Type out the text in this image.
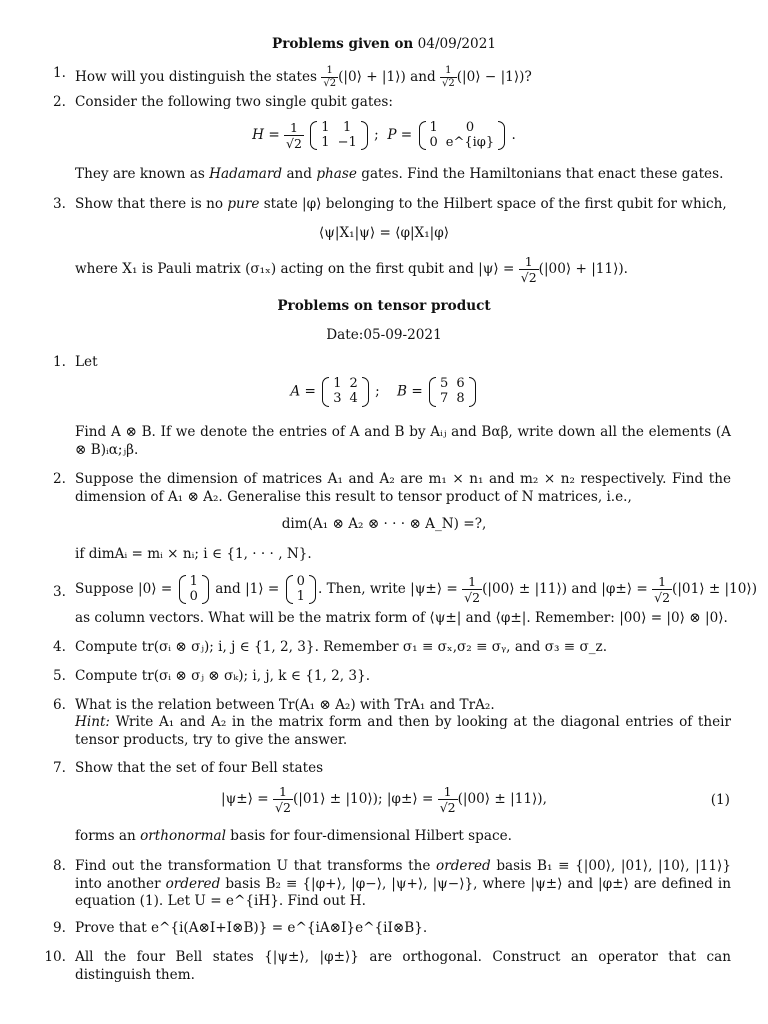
Problems given on 04/09/2021
1. How will you distinguish the states $\frac{1}{√2}$ (|0⟩ + |1⟩) and $\frac{1}{√2}$ (|0⟩ − |1⟩)?
2. Consider the following two single qubit gates:
$H = \frac{1}{√2}$
1	1
1	−1 ; P = 1	0
0	e^{iφ} .
They are known as Hadamard and phase gates. Find the Hamiltonians that enact these gates.
3. Show that there is no pure state |φ⟩ belonging to the Hilbert space of the first qubit for which,
⟨ψ|X₁|ψ⟩ = ⟨φ|X₁|φ⟩
where X₁ is Pauli matrix (σ₁ₓ) acting on the first qubit and |ψ⟩ = $\frac{1}{√2}$ (|00⟩ + |11⟩).
Problems on tensor product
Date:05-09-2021
1. Let
A = 1	2
3	4 ; B = 5	6
7	8
Find A ⊗ B. If we denote the entries of A and B by Aᵢⱼ and Bαβ, write down all the elements (A ⊗ B)ᵢα;ⱼβ.
2. Suppose the dimension of matrices A₁ and A₂ are m₁ × n₁ and m₂ × n₂ respectively. Find the dimension of A₁ ⊗ A₂. Generalise this result to tensor product of N matrices, i.e.,
dim(A₁ ⊗ A₂ ⊗ · · · ⊗ A_N) =?,
if dimAᵢ = mᵢ × nᵢ; i ∈ {1, · · · , N}.
3. Suppose |0⟩ = 1
0 and |1⟩ = 0
1 . Then, write |ψ±⟩ = $\frac{1}{√2}$ (|00⟩ ± |11⟩) and |φ±⟩ = $\frac{1}{√2}$ (|01⟩ ± |10⟩)
as column vectors. What will be the matrix form of ⟨ψ±| and ⟨φ±|. Remember: |00⟩ = |0⟩ ⊗ |0⟩.
4. Compute tr(σᵢ ⊗ σⱼ); i, j ∈ {1, 2, 3}. Remember σ₁ ≡ σₓ,σ₂ ≡ σᵧ, and σ₃ ≡ σ_z.
5. Compute tr(σᵢ ⊗ σⱼ ⊗ σₖ); i, j, k ∈ {1, 2, 3}.
6. What is the relation between Tr(A₁ ⊗ A₂) with TrA₁ and TrA₂.
Hint: Write A₁ and A₂ in the matrix form and then by looking at the diagonal entries of their tensor products, try to give the answer.
7. Show that the set of four Bell states
|ψ±⟩ = $\frac{1}{√2}$ (|01⟩ ± |10⟩); |φ±⟩ = $\frac{1}{√2}$ (|00⟩ ± |11⟩),	(1)
forms an orthonormal basis for four-dimensional Hilbert space.
8. Find out the transformation U that transforms the ordered basis B₁ ≡ {|00⟩, |01⟩, |10⟩, |11⟩} into another ordered basis B₂ ≡ {|φ+⟩, |φ−⟩, |ψ+⟩, |ψ−⟩}, where |ψ±⟩ and |φ±⟩ are defined in equation (1). Let U = e^{iH}. Find out H.
9. Prove that e^{i(A⊗I+I⊗B)} = e^{iA⊗I}e^{iI⊗B}.
10. All the four Bell states {|ψ±⟩, |φ±⟩} are orthogonal. Construct an operator that can distinguish them.
